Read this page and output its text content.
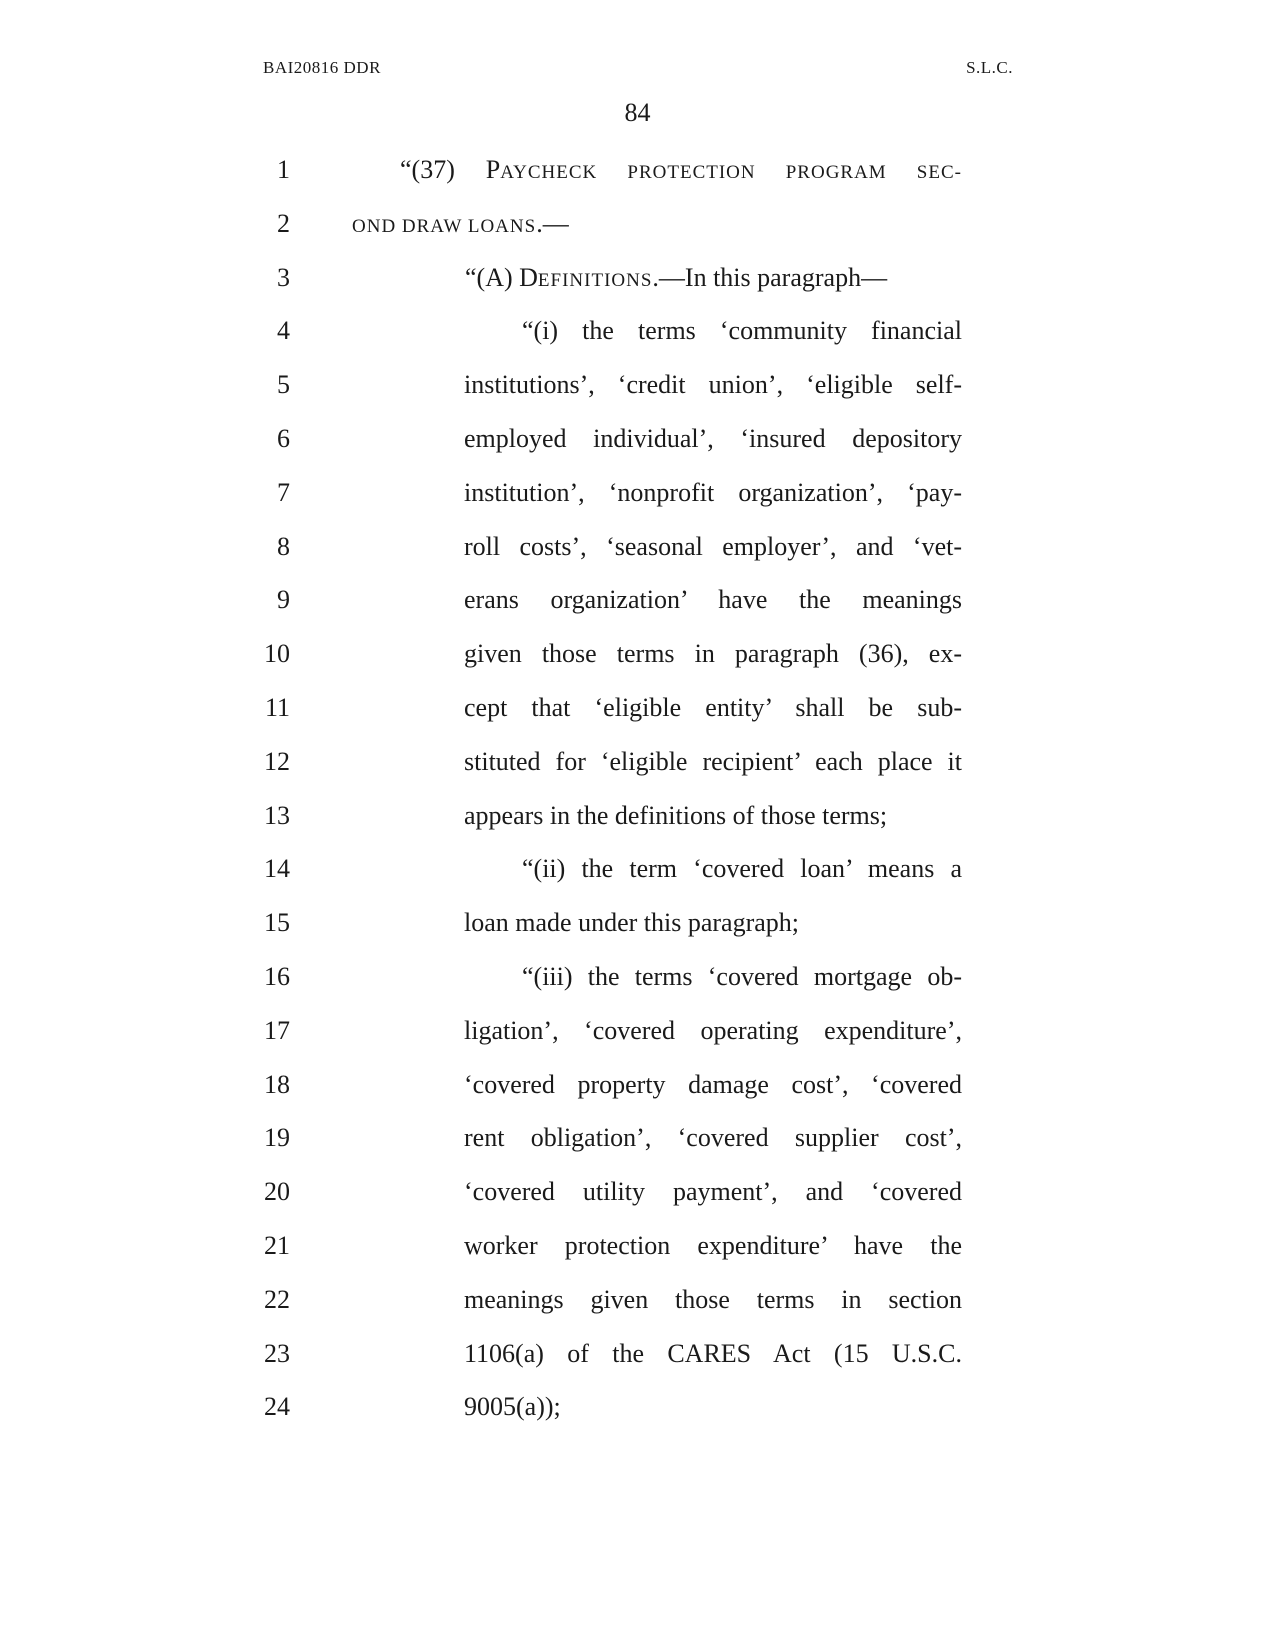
BAI20816 DDR	S.L.C.
84
1
2
3
4
5
6
7
8
9
10
11
12
13
14
15
16
17
18
19
20
21
22
23
24
“(37) PAYCHECK PROTECTION PROGRAM SEC-
OND DRAW LOANS.—
“(A) DEFINITIONS.—In this paragraph—
“(i) the terms ‘community financial
institutions’, ‘credit union’, ‘eligible self-
employed individual’, ‘insured depository
institution’, ‘nonprofit organization’, ‘pay-
roll costs’, ‘seasonal employer’, and ‘vet-
erans organization’ have the meanings
given those terms in paragraph (36), ex-
cept that ‘eligible entity’ shall be sub-
stituted for ‘eligible recipient’ each place it
appears in the definitions of those terms;
“(ii) the term ‘covered loan’ means a
loan made under this paragraph;
“(iii) the terms ‘covered mortgage ob-
ligation’, ‘covered operating expenditure’,
‘covered property damage cost’, ‘covered
rent obligation’, ‘covered supplier cost’,
‘covered utility payment’, and ‘covered
worker protection expenditure’ have the
meanings given those terms in section
1106(a) of the CARES Act (15 U.S.C.
9005(a));
